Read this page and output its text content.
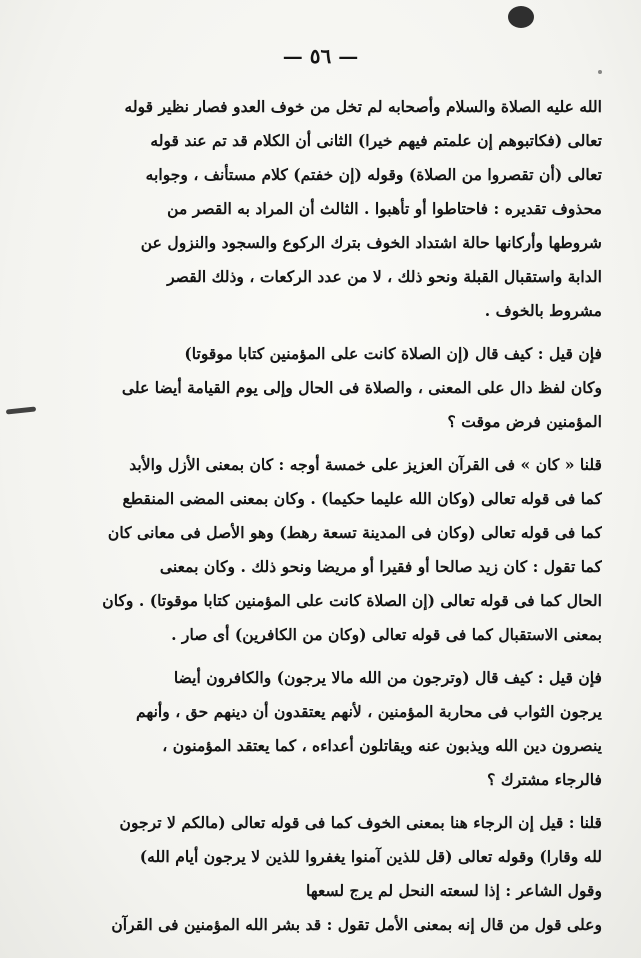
— ٥٦ —
الله عليه الصلاة والسلام وأصحابه لم تخل من خوف العدو فصار نظير قوله
تعالى (فكاتبوهم إن علمتم فيهم خيرا) الثانى أن الكلام قد تم عند قوله
تعالى (أن تقصروا من الصلاة) وقوله (إن خفتم) كلام مستأنف ، وجوابه
محذوف تقديره : فاحتاطوا أو تأهبوا . الثالث أن المراد به القصر من
شروطها وأركانها حالة اشتداد الخوف بترك الركوع والسجود والنزول عن
الدابة واستقبال القبلة ونحو ذلك ، لا من عدد الركعات ، وذلك القصر
مشروط بالخوف .
فإن قيل : كيف قال (إن الصلاة كانت على المؤمنين كتابا موقوتا)
وكان لفظ دال على المعنى ، والصلاة فى الحال وإلى يوم القيامة أيضا على
المؤمنين فرض موقت ؟
قلنا « كان » فى القرآن العزيز على خمسة أوجه : كان بمعنى الأزل والأبد
كما فى قوله تعالى (وكان الله عليما حكيما) . وكان بمعنى المضى المنقطع
كما فى قوله تعالى (وكان فى المدينة تسعة رهط) وهو الأصل فى معانى كان
كما تقول : كان زيد صالحا أو فقيرا أو مريضا ونحو ذلك . وكان بمعنى
الحال كما فى قوله تعالى (إن الصلاة كانت على المؤمنين كتابا موقوتا) . وكان
بمعنى الاستقبال كما فى قوله تعالى (وكان من الكافرين) أى صار .
فإن قيل : كيف قال (وترجون من الله مالا يرجون) والكافرون أيضا
يرجون الثواب فى محاربة المؤمنين ، لأنهم يعتقدون أن دينهم حق ، وأنهم
ينصرون دين الله ويذبون عنه ويقاتلون أعداءه ، كما يعتقد المؤمنون ،
فالرجاء مشترك ؟
قلنا : قيل إن الرجاء هنا بمعنى الخوف كما فى قوله تعالى (مالكم لا ترجون
لله وقارا) وقوله تعالى (قل للذين آمنوا يغفروا للذين لا يرجون أيام الله)
وقول الشاعر : إذا لسعته النحل لم يرج لسعها
وعلى قول من قال إنه بمعنى الأمل تقول : قد بشر الله المؤمنين فى القرآن
